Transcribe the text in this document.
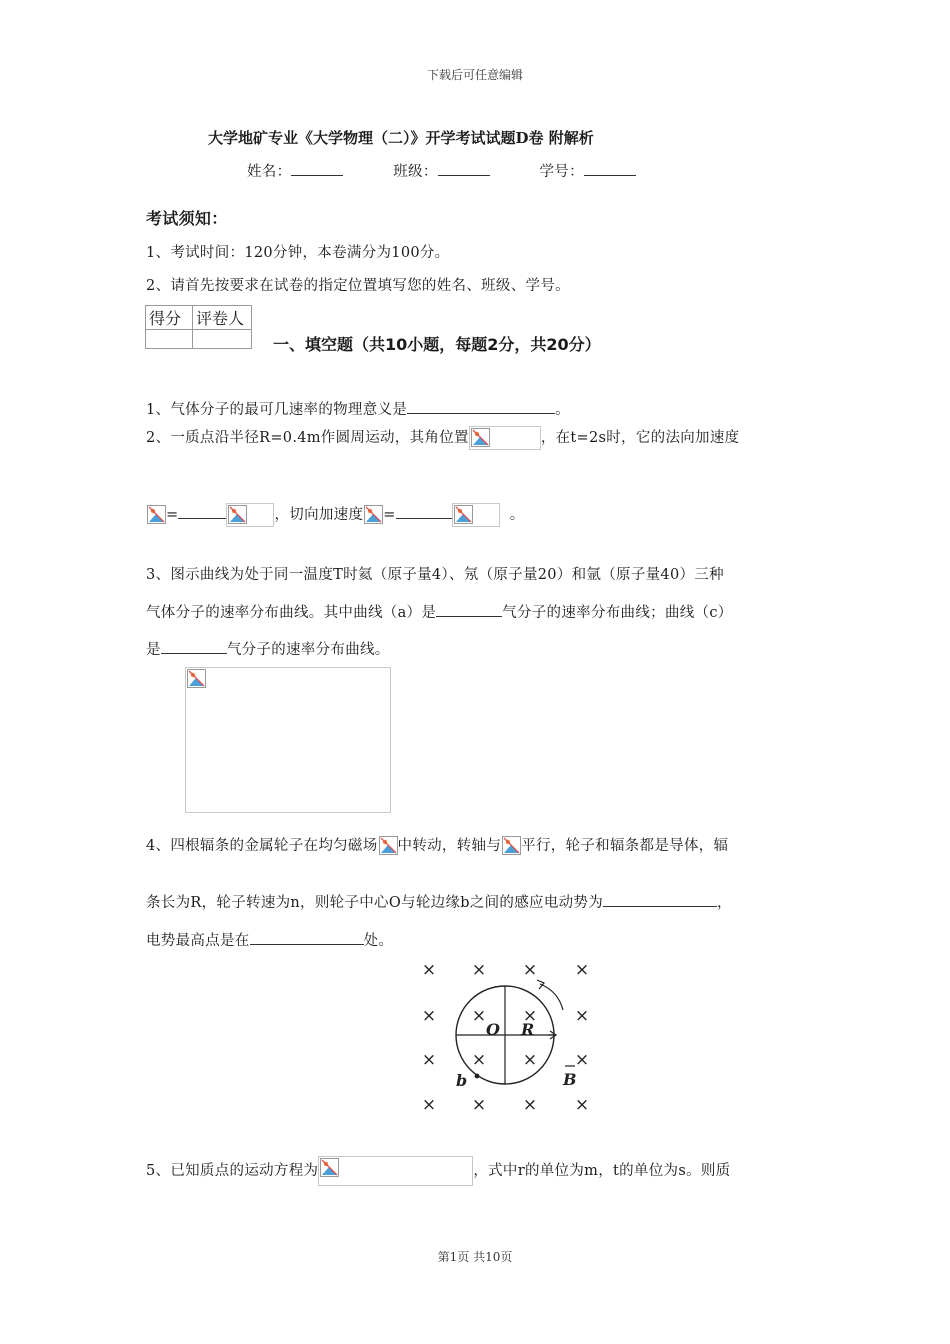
下载后可任意编辑
大学地矿专业《大学物理（二）》开学考试试题D卷 附解析
姓名：	班级：	学号：
考试须知：
1、考试时间：120分钟，本卷满分为100分。
2、请首先按要求在试卷的指定位置填写您的姓名、班级、学号。
得分	评卷人

一、填空题（共10小题，每题2分，共20分）
1、气体分子的最可几速率的物理意义是	。
2、一质点沿半径R=0.4m作圆周运动，其角位置	，在t=2s时，它的法向加速度
=	，切向加速度 =	。
3、图示曲线为处于同一温度T时氦（原子量4）、氖（原子量20）和氩（原子量40）三种
气体分子的速率分布曲线。其中曲线（a）是	气分子的速率分布曲线；曲线（c）
是	气分子的速率分布曲线。
4、四根辐条的金属轮子在均匀磁场 中转动，转轴与 平行，轮子和辐条都是导体，辐
条长为R，轮子转速为n，则轮子中心O与轮边缘b之间的感应电动势为	，
电势最高点是在	处。
× × × ×
× × × ×
× × × ×
× × × ×
O R
b	B
5、已知质点的运动方程为	，式中r的单位为m，t的单位为s。则质
第1页 共10页
